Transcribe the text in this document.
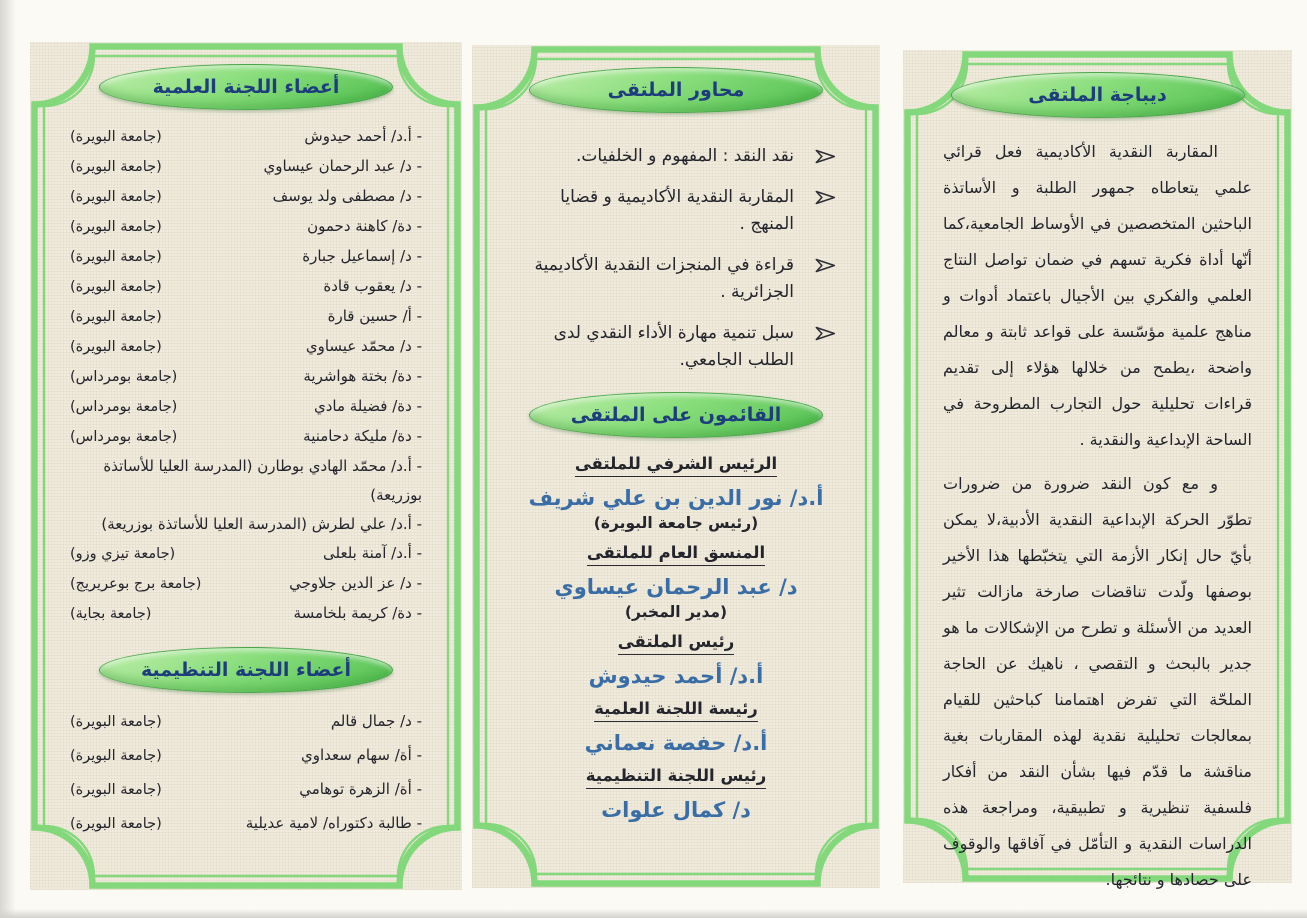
أعضاء اللجنة العلمية
- أ.د/ أحمد حيدوش
(جامعة البويرة)
- د/ عبد الرحمان عيساوي
(جامعة البويرة)
- د/ مصطفى ولد يوسف
(جامعة البويرة)
- دة/ كاهنة دحمون
(جامعة البويرة)
- د/ إسماعيل جبارة
(جامعة البويرة)
- د/ يعقوب قادة
(جامعة البويرة)
- أ/ حسين قارة
(جامعة البويرة)
- د/ محمّد عيساوي
(جامعة البويرة)
- دة/ بختة هواشرية
(جامعة بومرداس)
- دة/ فضيلة مادي
(جامعة بومرداس)
- دة/ مليكة دحامنية
(جامعة بومرداس)
- أ.د/ محمّد الهادي بوطارن (المدرسة العليا للأساتذة بوزريعة)
- أ.د/ علي لطرش (المدرسة العليا للأساتذة بوزريعة)
- أ.د/ آمنة بلعلى
(جامعة تيزي وزو)
- د/ عز الدين جلاوجي
(جامعة برج بوعريريج)
- دة/ كريمة بلخامسة
(جامعة بجاية)
أعضاء اللجنة التنظيمية
- د/ جمال قالم
(جامعة البويرة)
- أة/ سهام سعداوي
(جامعة البويرة)
- أة/ الزهرة توهامي
(جامعة البويرة)
- طالبة دكتوراه/ لامية عديلية
(جامعة البويرة)
محاور الملتقى
نقد النقد : المفهوم و الخلفيات.
المقاربة النقدية الأكاديمية و قضايا المنهج .
قراءة في المنجزات النقدية الأكاديمية الجزائرية .
سبل تنمية مهارة الأداء النقدي لدى الطلب الجامعي.
القائمون على الملتقى
الرئيس الشرفي للملتقى
أ.د/ نور الدين بن علي شريف
(رئيس جامعة البويرة)
المنسق العام للملتقى
د/ عبد الرحمان عيساوي
(مدير المخبر)
رئيس الملتقى
أ.د/ أحمد حيدوش
رئيسة اللجنة العلمية
أ.د/ حفصة نعماني
رئيس اللجنة التنظيمية
د/ كمال علوات
ديباجة الملتقى

المقاربة النقدية الأكاديمية فعل قرائي علمي يتعاطاه جمهور الطلبة و الأساتذة الباحثين المتخصصين في الأوساط الجامعية،كما أنّها أداة فكرية تسهم في ضمان تواصل النتاج العلمي والفكري بين الأجيال باعتماد أدوات و مناهج علمية مؤسّسة على قواعد ثابتة و معالم واضحة ،يطمح من خلالها هؤلاء إلى تقديم قراءات تحليلية حول التجارب المطروحة في الساحة الإبداعية والنقدية .

و مع كون النقد ضرورة من ضرورات تطوّر الحركة الإبداعية النقدية الأدبية،لا يمكن بأيّ حال إنكار الأزمة التي يتخبّطها هذا الأخير بوصفها ولّدت تناقضات صارخة مازالت تثير العديد من الأسئلة و تطرح من الإشكالات ما هو جدير بالبحث و التقصي ، ناهيك عن الحاجة الملحّة التي تفرض اهتمامنا كباحثين للقيام بمعالجات تحليلية نقدية لهذه المقاربات بغية مناقشة ما قدّم فيها بشأن النقد من أفكار فلسفية تنظيرية و تطبيقية، ومراجعة هذه الدراسات النقدية و التأمّل في آفاقها والوقوف على حصادها و نتائجها.
